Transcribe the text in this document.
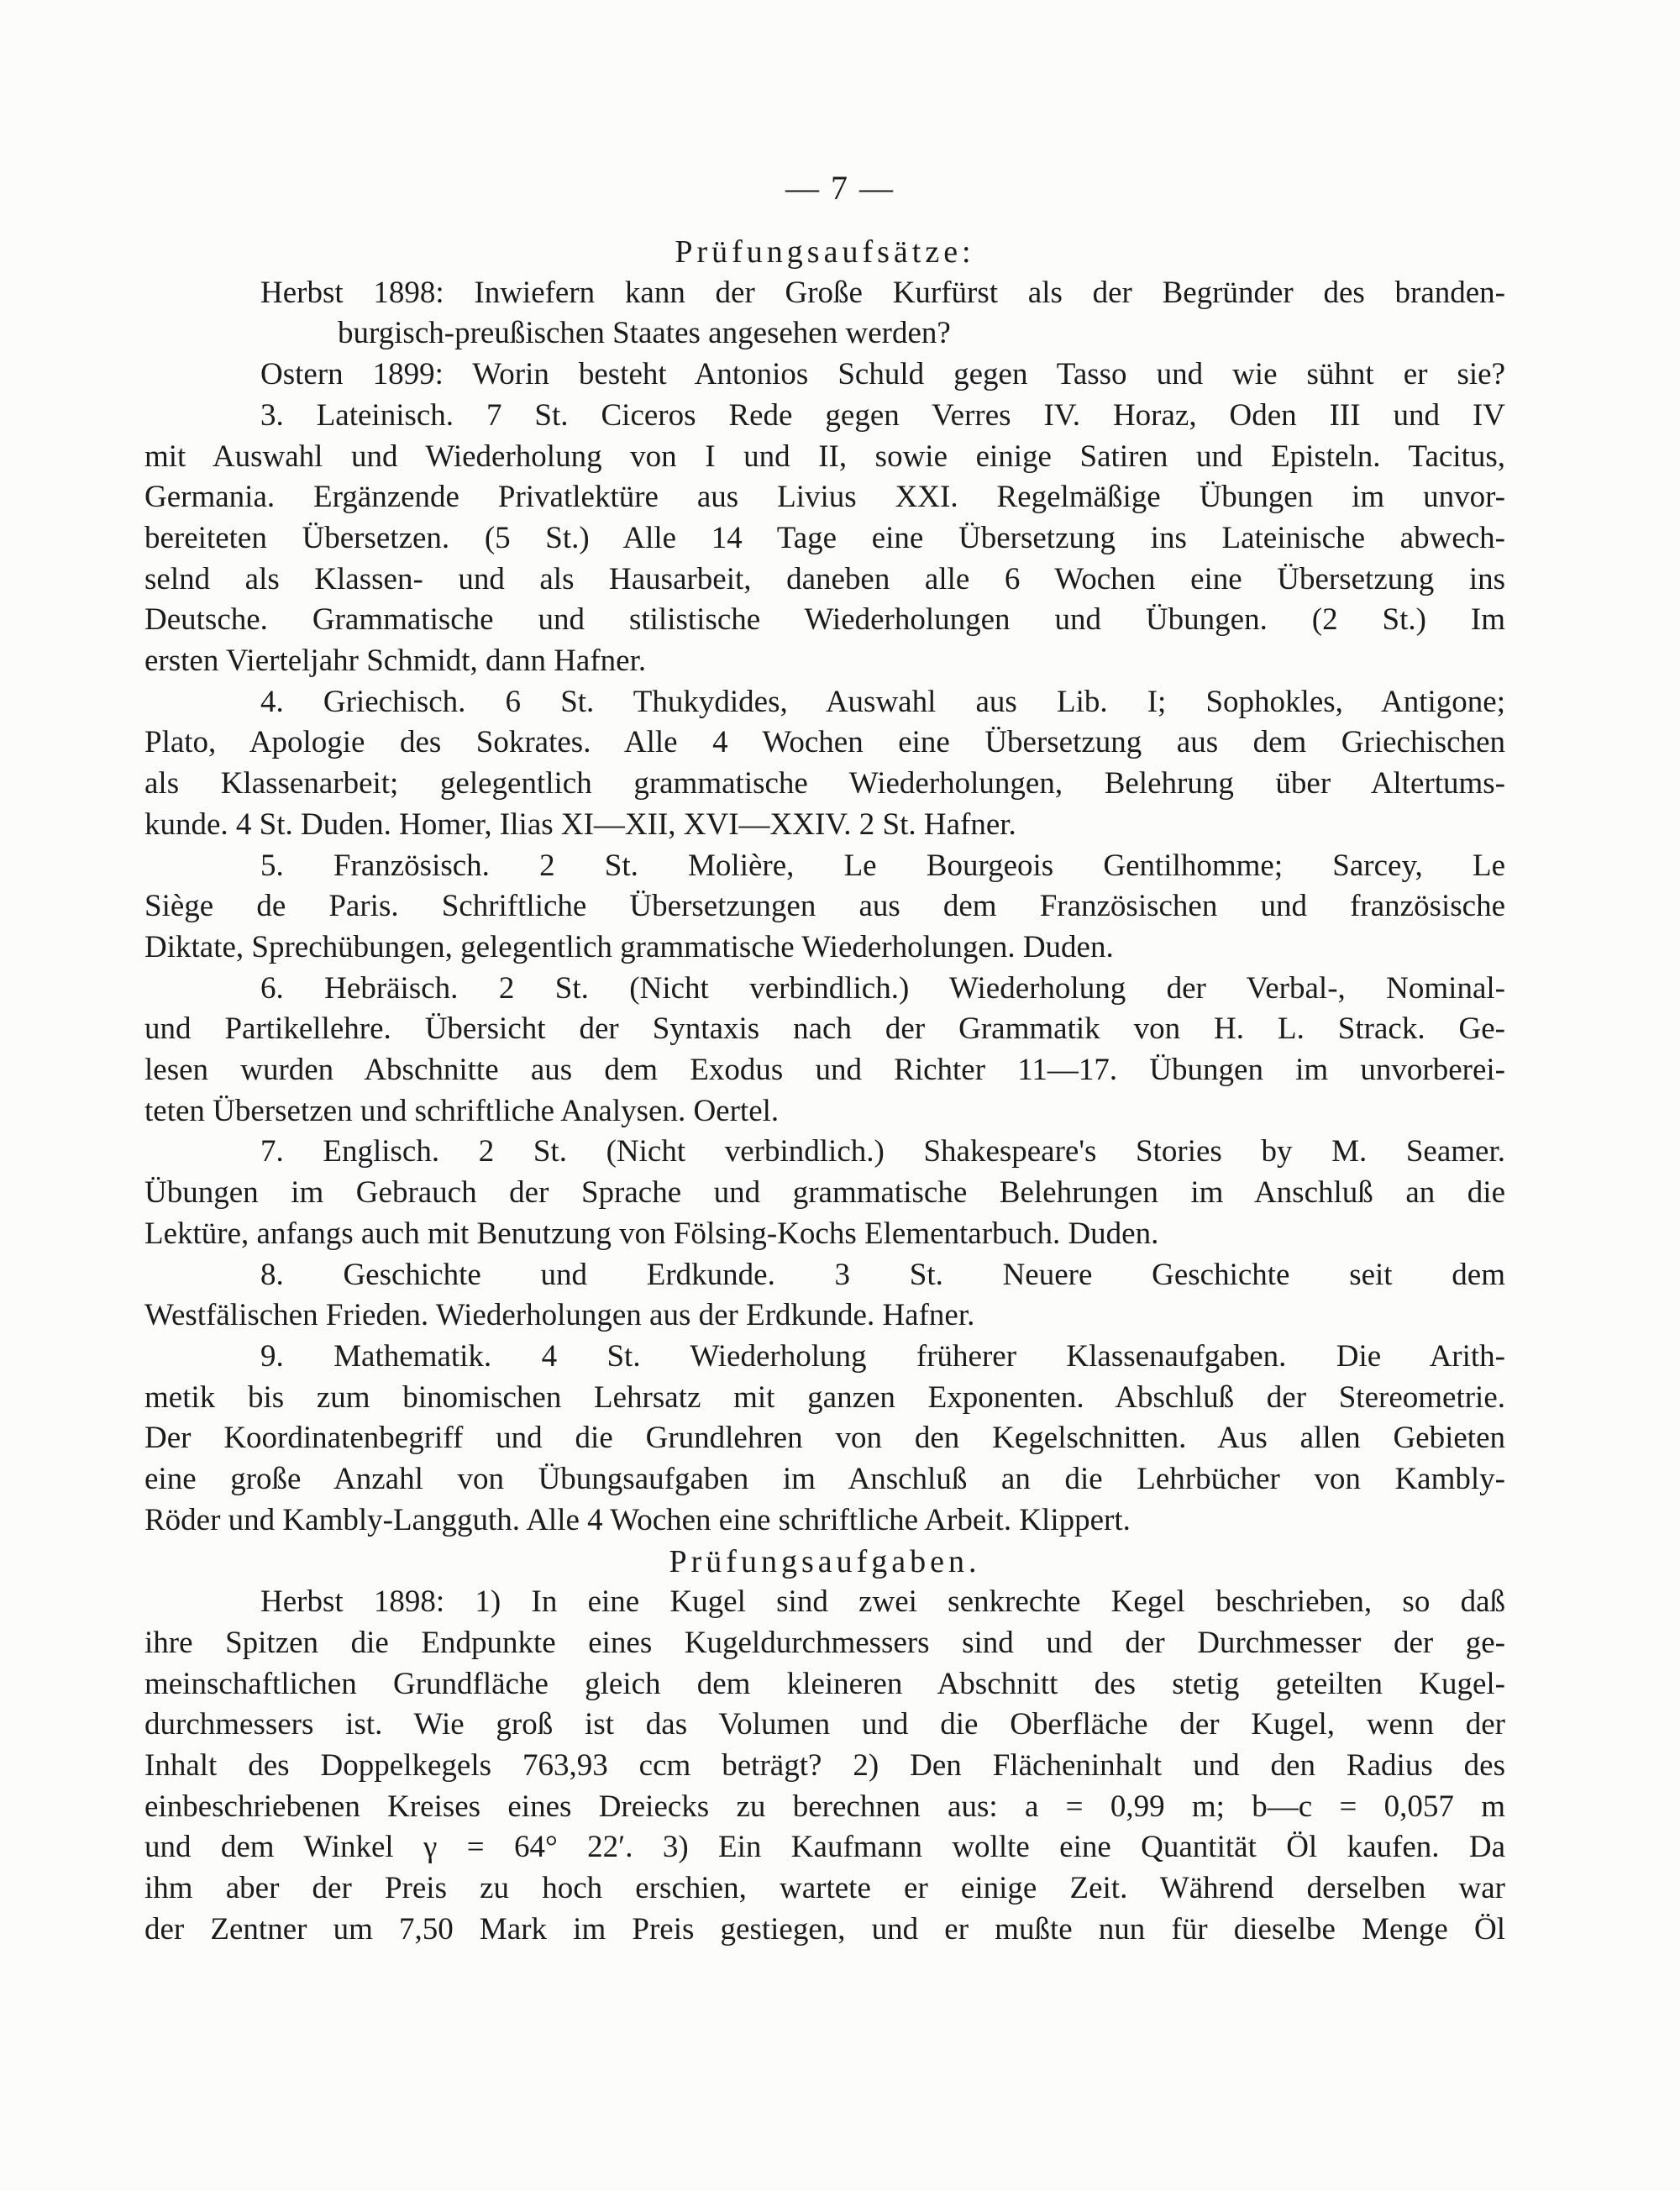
— 7 —
Prüfungsaufsätze:
Herbst 1898: Inwiefern kann der Große Kurfürst als der Begründer des branden-
burgisch-preußischen Staates angesehen werden?
Ostern 1899: Worin besteht Antonios Schuld gegen Tasso und wie sühnt er sie?
3. Lateinisch. 7 St. Ciceros Rede gegen Verres IV. Horaz, Oden III und IV
mit Auswahl und Wiederholung von I und II, sowie einige Satiren und Episteln. Tacitus,
Germania. Ergänzende Privatlektüre aus Livius XXI. Regelmäßige Übungen im unvor-
bereiteten Übersetzen. (5 St.) Alle 14 Tage eine Übersetzung ins Lateinische abwech-
selnd als Klassen- und als Hausarbeit, daneben alle 6 Wochen eine Übersetzung ins
Deutsche. Grammatische und stilistische Wiederholungen und Übungen. (2 St.) Im
ersten Vierteljahr Schmidt, dann Hafner.
4. Griechisch. 6 St. Thukydides, Auswahl aus Lib. I; Sophokles, Antigone;
Plato, Apologie des Sokrates. Alle 4 Wochen eine Übersetzung aus dem Griechischen
als Klassenarbeit; gelegentlich grammatische Wiederholungen, Belehrung über Altertums-
kunde. 4 St. Duden. Homer, Ilias XI—XII, XVI—XXIV. 2 St. Hafner.
5. Französisch. 2 St. Molière, Le Bourgeois Gentilhomme; Sarcey, Le
Siège de Paris. Schriftliche Übersetzungen aus dem Französischen und französische
Diktate, Sprechübungen, gelegentlich grammatische Wiederholungen. Duden.
6. Hebräisch. 2 St. (Nicht verbindlich.) Wiederholung der Verbal-, Nominal-
und Partikellehre. Übersicht der Syntaxis nach der Grammatik von H. L. Strack. Ge-
lesen wurden Abschnitte aus dem Exodus und Richter 11—17. Übungen im unvorberei-
teten Übersetzen und schriftliche Analysen. Oertel.
7. Englisch. 2 St. (Nicht verbindlich.) Shakespeare's Stories by M. Seamer.
Übungen im Gebrauch der Sprache und grammatische Belehrungen im Anschluß an die
Lektüre, anfangs auch mit Benutzung von Fölsing-Kochs Elementarbuch. Duden.
8. Geschichte und Erdkunde. 3 St. Neuere Geschichte seit dem
Westfälischen Frieden. Wiederholungen aus der Erdkunde. Hafner.
9. Mathematik. 4 St. Wiederholung früherer Klassenaufgaben. Die Arith-
metik bis zum binomischen Lehrsatz mit ganzen Exponenten. Abschluß der Stereometrie.
Der Koordinatenbegriff und die Grundlehren von den Kegelschnitten. Aus allen Gebieten
eine große Anzahl von Übungsaufgaben im Anschluß an die Lehrbücher von Kambly-
Röder und Kambly-Langguth. Alle 4 Wochen eine schriftliche Arbeit. Klippert.
Prüfungsaufgaben.
Herbst 1898: 1) In eine Kugel sind zwei senkrechte Kegel beschrieben, so daß
ihre Spitzen die Endpunkte eines Kugeldurchmessers sind und der Durchmesser der ge-
meinschaftlichen Grundfläche gleich dem kleineren Abschnitt des stetig geteilten Kugel-
durchmessers ist. Wie groß ist das Volumen und die Oberfläche der Kugel, wenn der
Inhalt des Doppelkegels 763,93 ccm beträgt? 2) Den Flächeninhalt und den Radius des
einbeschriebenen Kreises eines Dreiecks zu berechnen aus: a = 0,99 m; b—c = 0,057 m
und dem Winkel γ = 64° 22′. 3) Ein Kaufmann wollte eine Quantität Öl kaufen. Da
ihm aber der Preis zu hoch erschien, wartete er einige Zeit. Während derselben war
der Zentner um 7,50 Mark im Preis gestiegen, und er mußte nun für dieselbe Menge Öl
